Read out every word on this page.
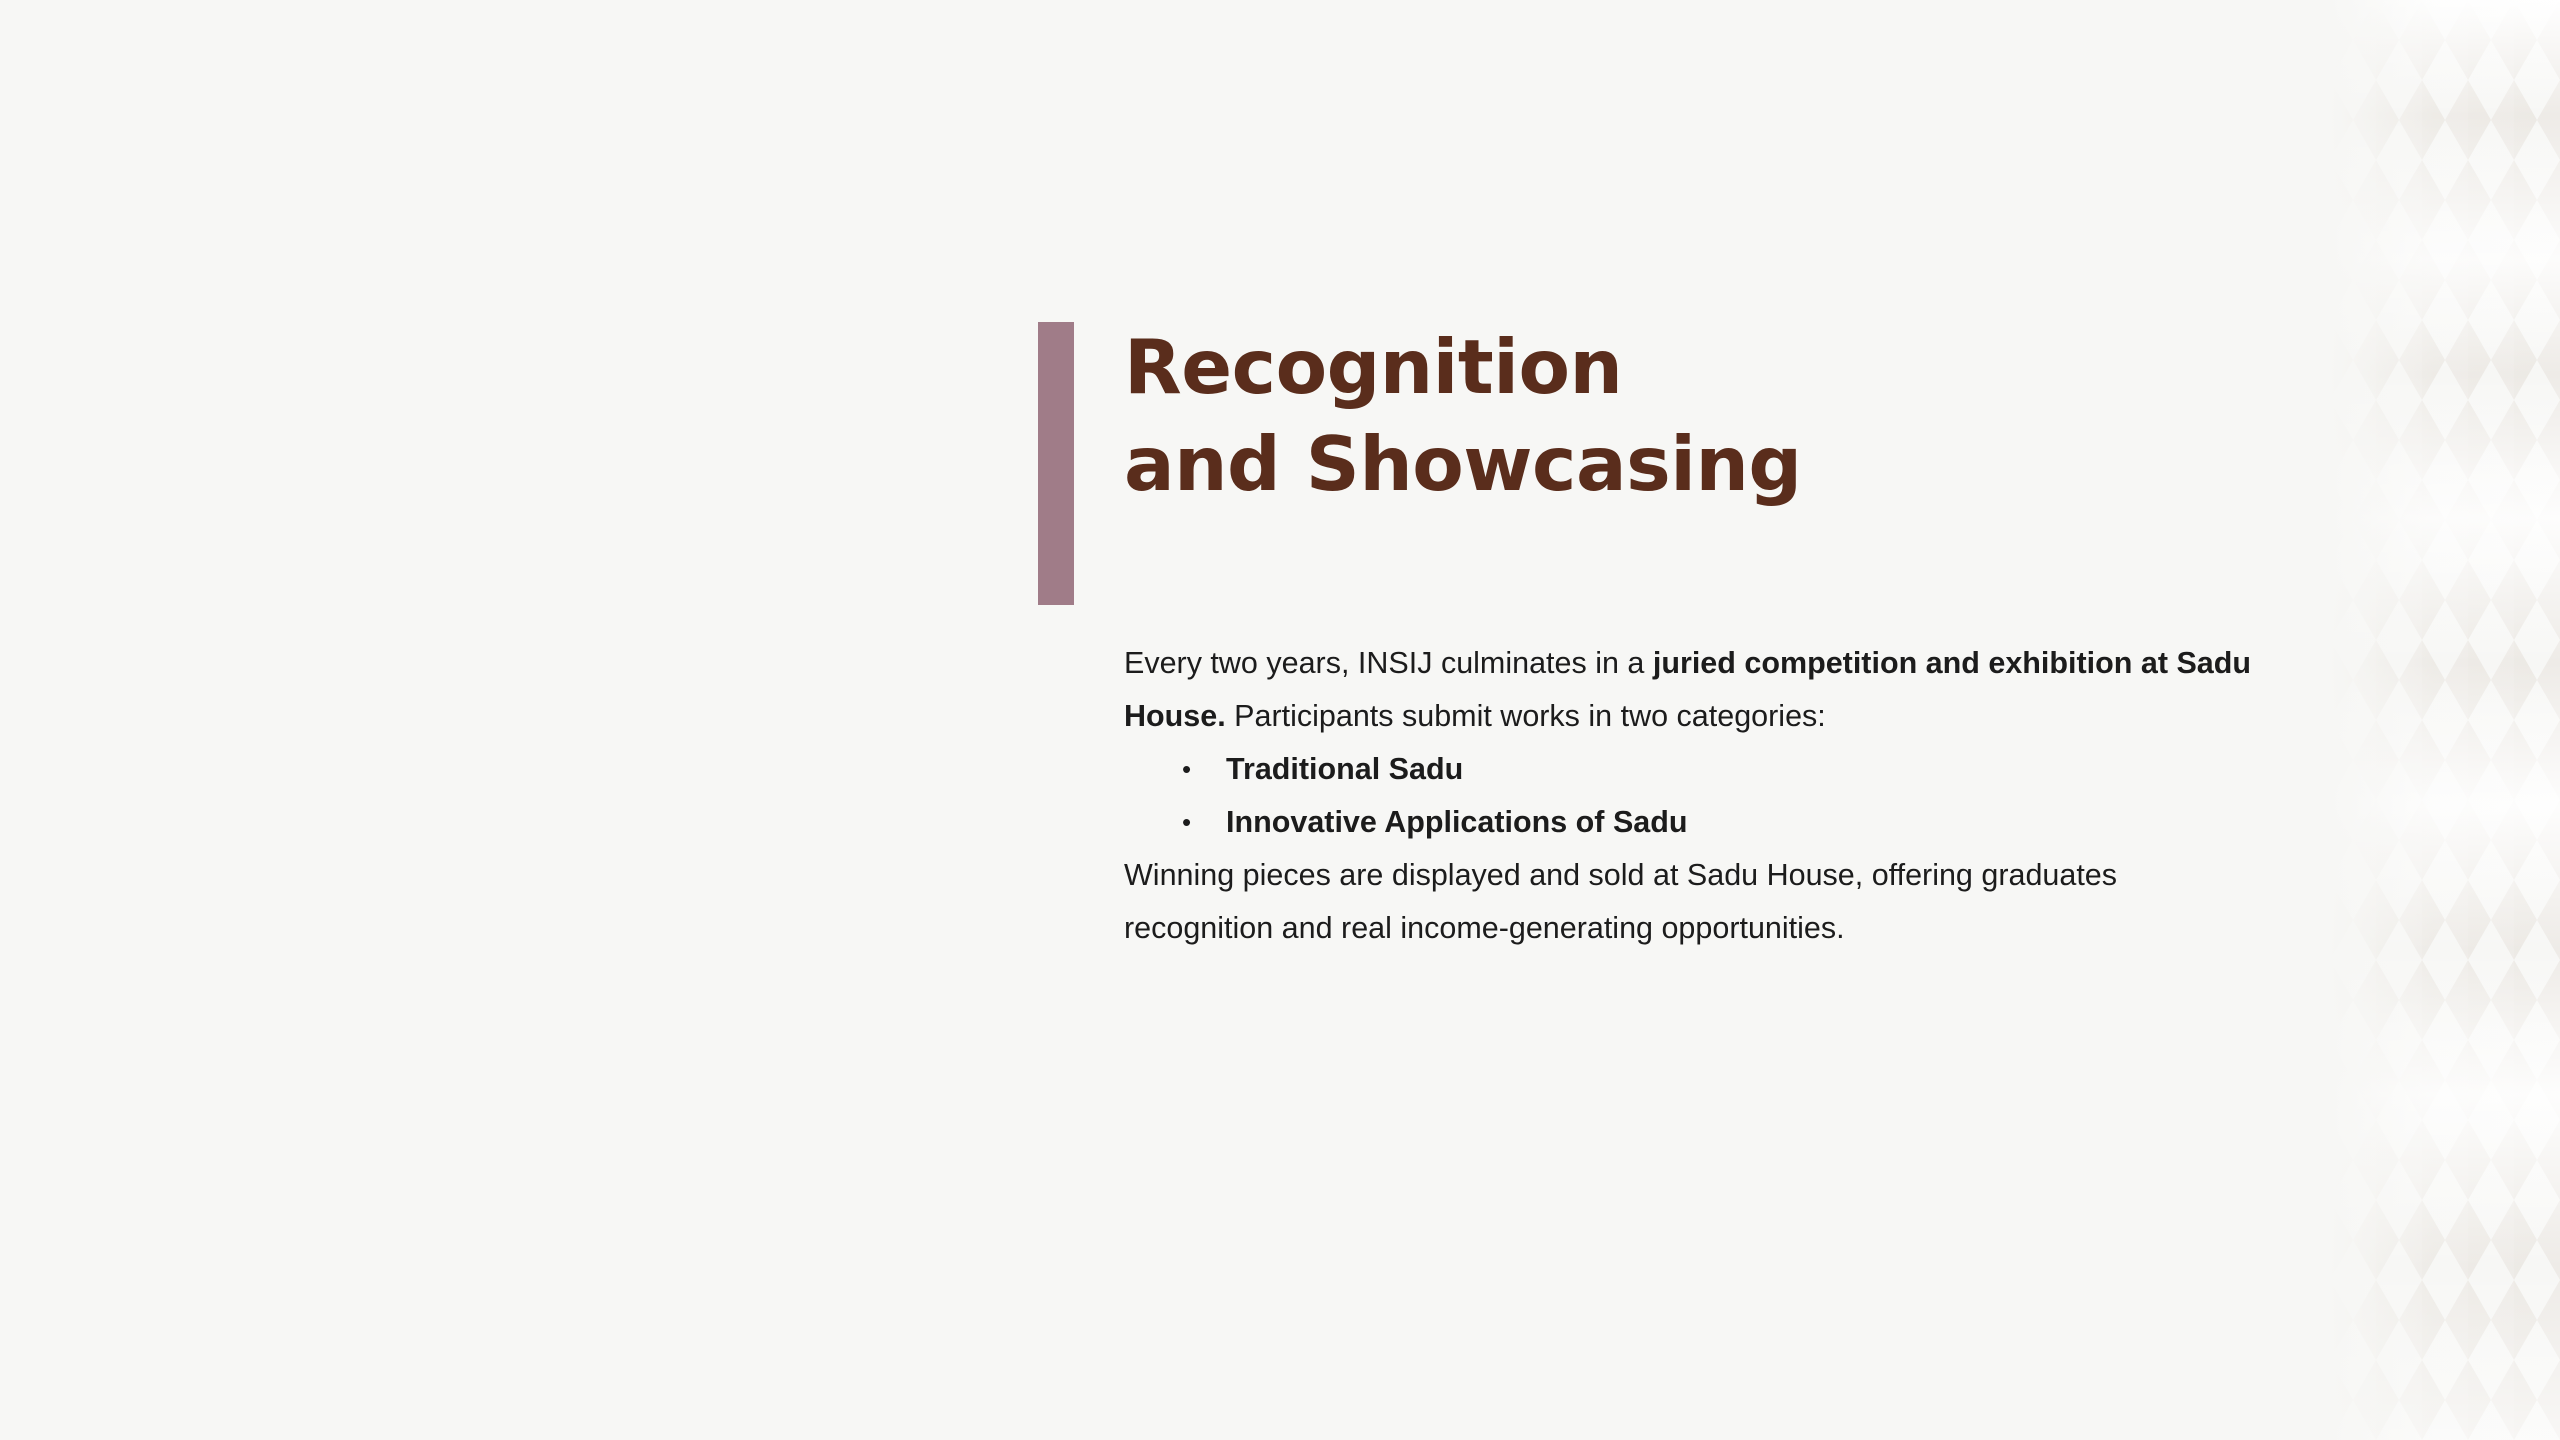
Recognition
and Showcasing

Every two years, INSIJ culminates in a juried competition and exhibition at Sadu House. Participants submit works in two categories:

• Traditional Sadu
• Innovative Applications of Sadu

Winning pieces are displayed and sold at Sadu House, offering graduates recognition and real income-generating opportunities.
